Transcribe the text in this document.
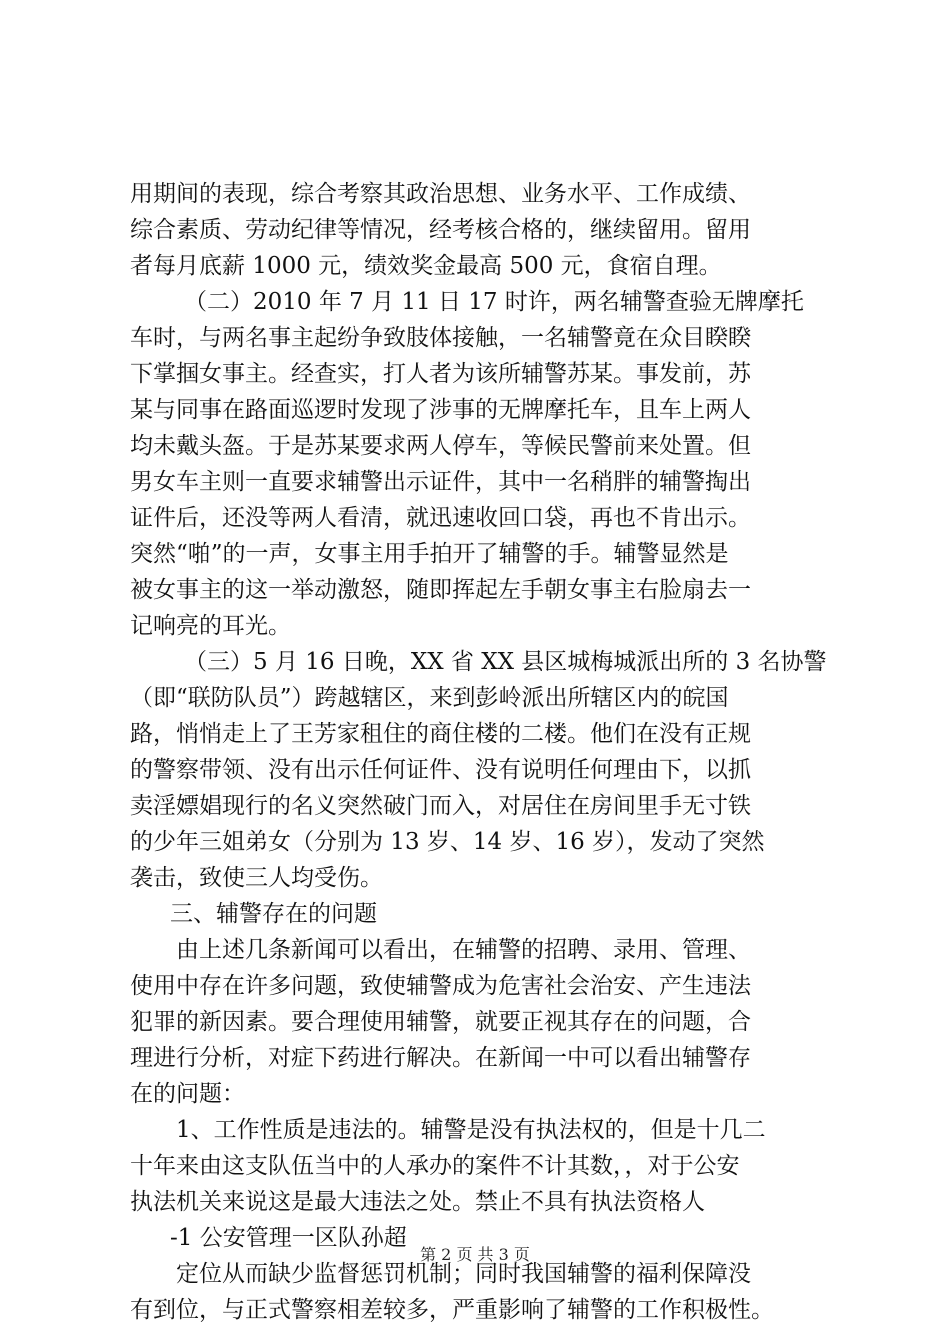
用期间的表现，综合考察其政治思想、业务水平、工作成绩、
综合素质、劳动纪律等情况，经考核合格的，继续留用。留用
者每月底薪 1000 元，绩效奖金最高 500 元，食宿自理。
（二）2010 年 7 月 11 日 17 时许，两名辅警查验无牌摩托
车时，与两名事主起纷争致肢体接触，一名辅警竟在众目睽睽
下掌掴女事主。经查实，打人者为该所辅警苏某。事发前，苏
某与同事在路面巡逻时发现了涉事的无牌摩托车，且车上两人
均未戴头盔。于是苏某要求两人停车，等候民警前来处置。但
男女车主则一直要求辅警出示证件，其中一名稍胖的辅警掏出
证件后，还没等两人看清，就迅速收回口袋，再也不肯出示。
突然“啪”的一声，女事主用手拍开了辅警的手。辅警显然是
被女事主的这一举动激怒，随即挥起左手朝女事主右脸扇去一
记响亮的耳光。
（三）5 月 16 日晚，XX 省 XX 县区城梅城派出所的 3 名协警
（即“联防队员”）跨越辖区，来到彭岭派出所辖区内的皖国
路，悄悄走上了王芳家租住的商住楼的二楼。他们在没有正规
的警察带领、没有出示任何证件、没有说明任何理由下，以抓
卖淫嫖娼现行的名义突然破门而入，对居住在房间里手无寸铁
的少年三姐弟女（分别为 13 岁、14 岁、16 岁），发动了突然
袭击，致使三人均受伤。
三、辅警存在的问题
由上述几条新闻可以看出，在辅警的招聘、录用、管理、
使用中存在许多问题，致使辅警成为危害社会治安、产生违法
犯罪的新因素。要合理使用辅警，就要正视其存在的问题，合
理进行分析，对症下药进行解决。在新闻一中可以看出辅警存
在的问题：
1、工作性质是违法的。辅警是没有执法权的，但是十几二
十年来由这支队伍当中的人承办的案件不计其数，，对于公安
执法机关来说这是最大违法之处。禁止不具有执法资格人
-1 公安管理一区队孙超
定位从而缺少监督惩罚机制；同时我国辅警的福利保障没
有到位，与正式警察相差较多，严重影响了辅警的工作积极性。
第 2 页 共 3 页
